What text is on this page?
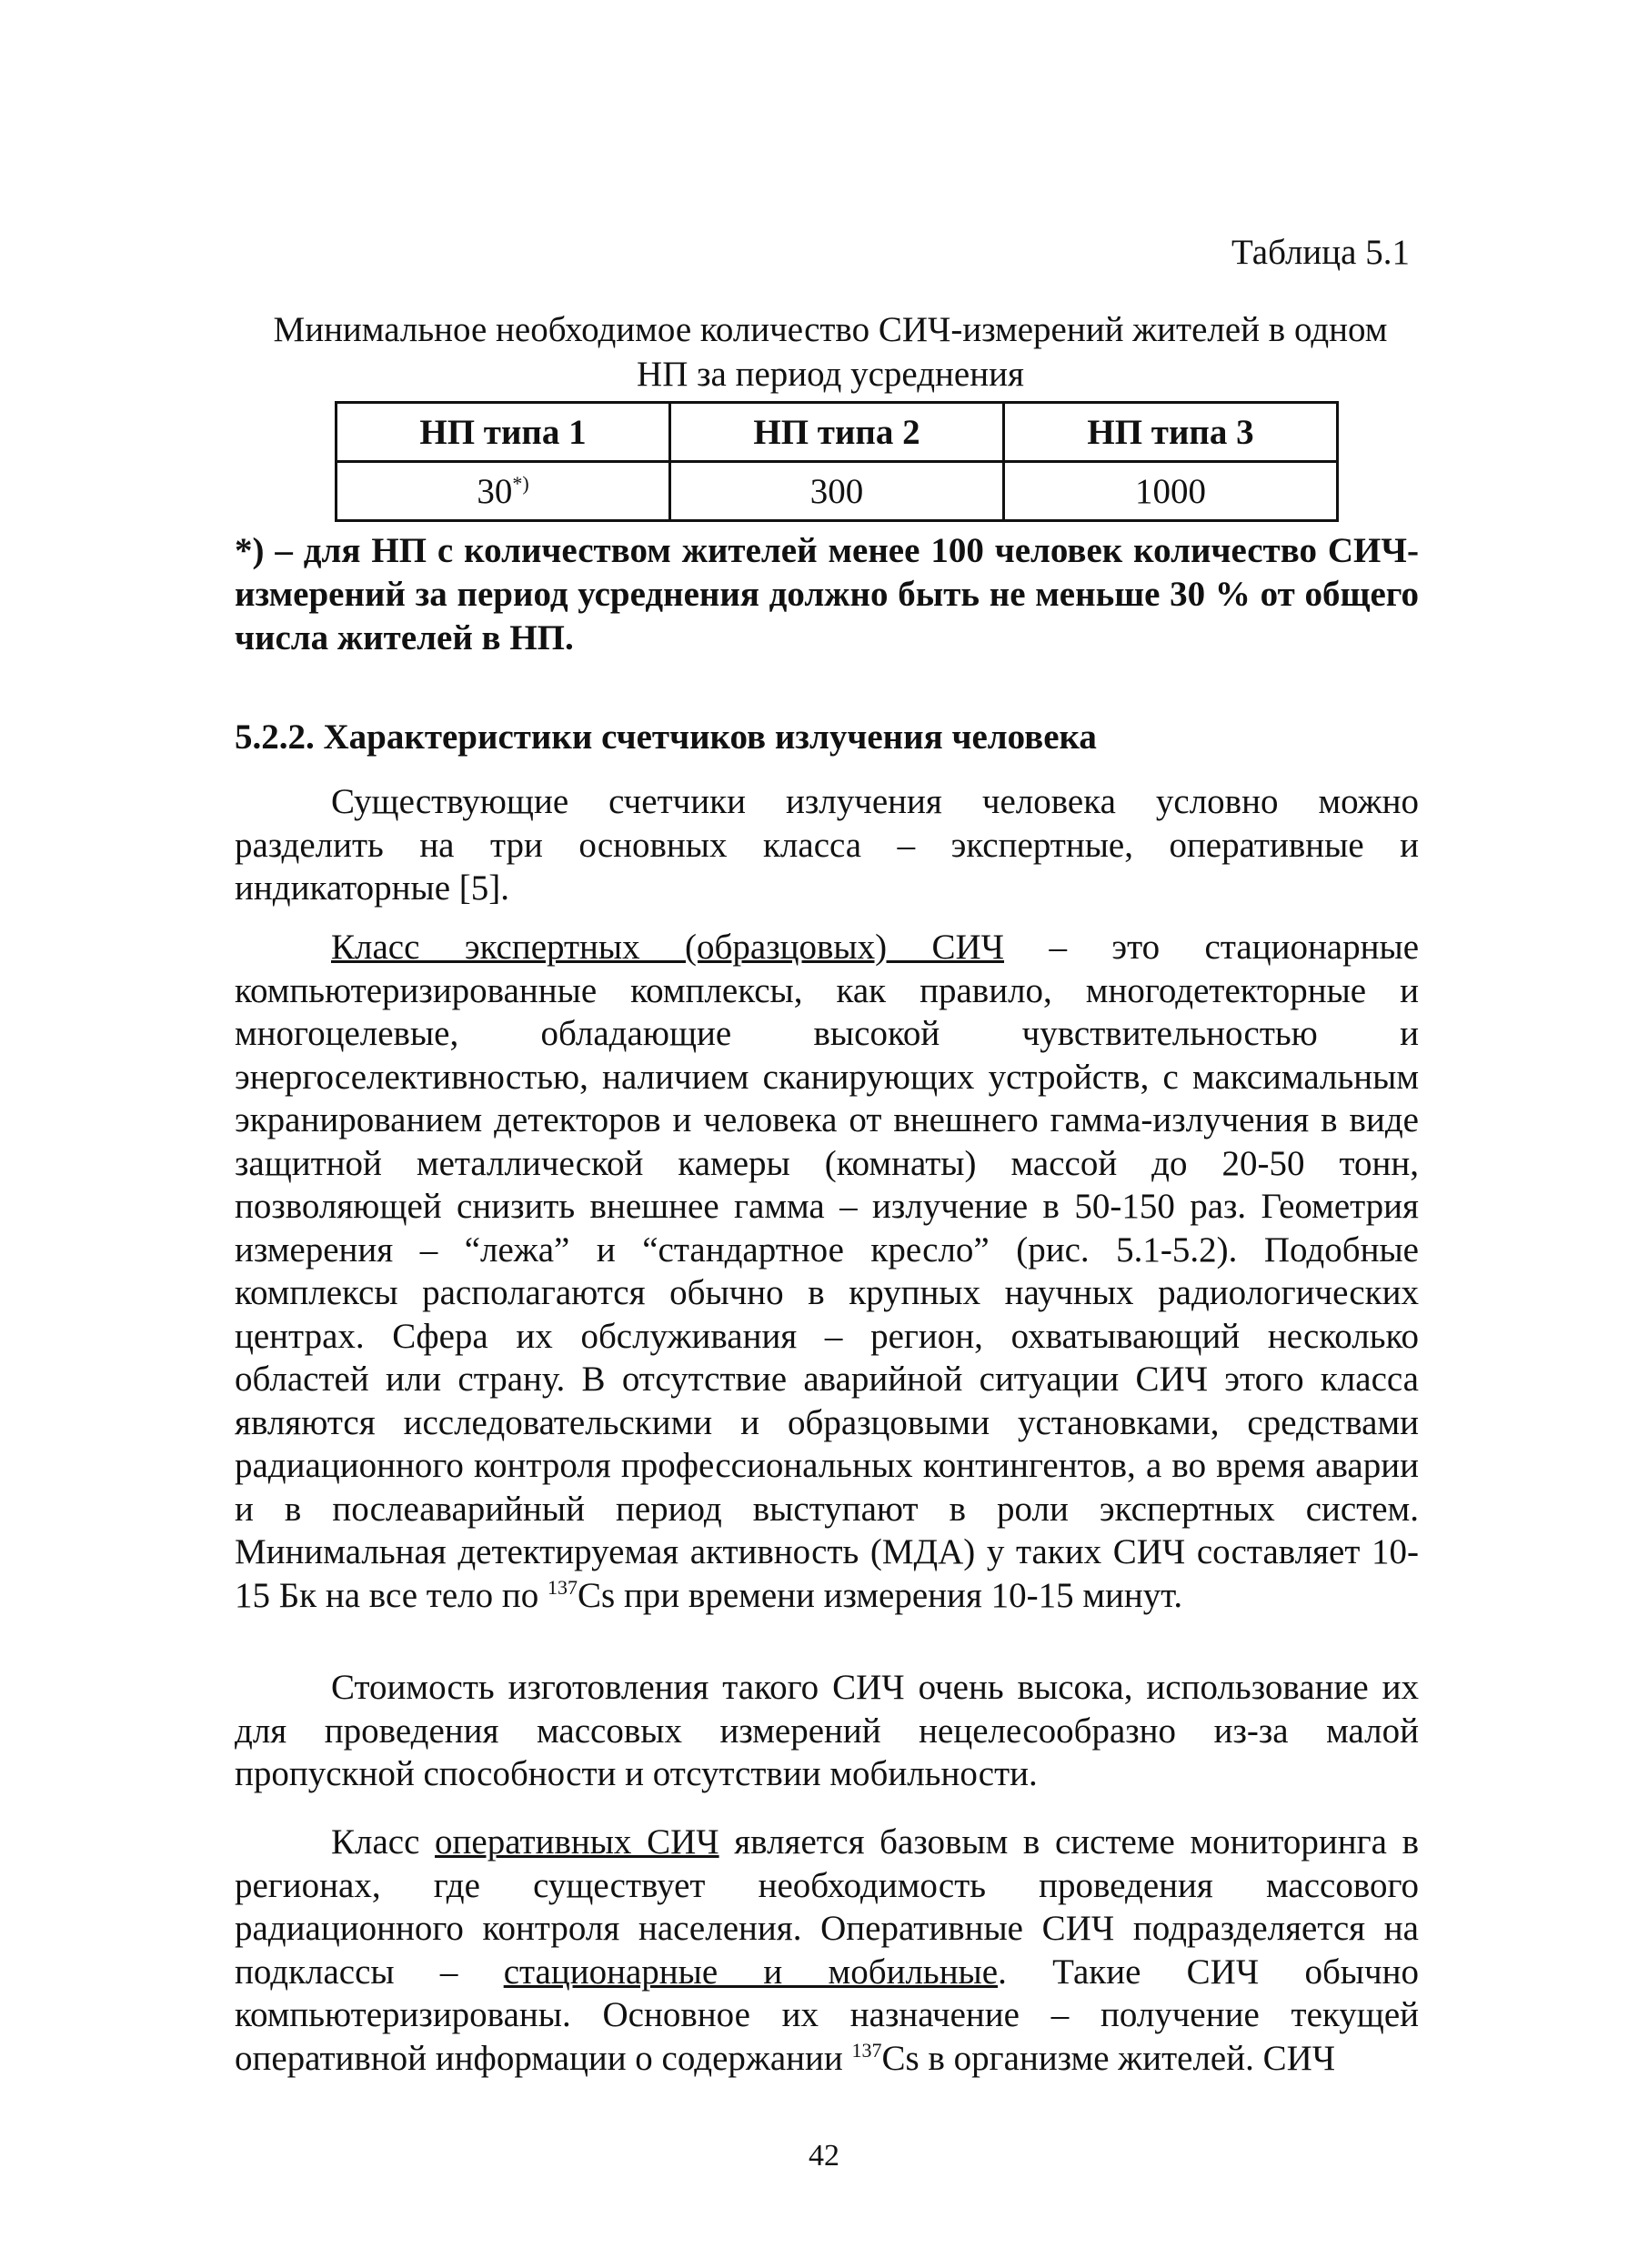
Таблица 5.1
Минимальное необходимое количество СИЧ-измерений жителей в одном НП за период усреднения
НП типа 1	НП типа 2	НП типа 3
30*)	300	1000
*) – для НП с количеством жителей менее 100 человек количество СИЧ-измерений за период усреднения должно быть не меньше 30 % от общего числа жителей в НП.
5.2.2. Характеристики счетчиков излучения человека
Существующие счетчики излучения человека условно можно разделить на три основных класса – экспертные, оперативные и индикаторные [5].
Класс экспертных (образцовых) СИЧ – это стационарные компьютеризированные комплексы, как правило, многодетекторные и многоцелевые, обладающие высокой чувствительностью и энергоселективностью, наличием сканирующих устройств, с максимальным экранированием детекторов и человека от внешнего гамма-излучения в виде защитной металлической камеры (комнаты) массой до 20-50 тонн, позволяющей снизить внешнее гамма – излучение в 50-150 раз. Геометрия измерения – “лежа” и “стандартное кресло” (рис. 5.1-5.2). Подобные комплексы располагаются обычно в крупных научных радиологических центрах. Сфера их обслуживания – регион, охватывающий несколько областей или страну. В отсутствие аварийной ситуации СИЧ этого класса являются исследовательскими и образцовыми установками, средствами радиационного контроля профессиональных контингентов, а во время аварии и в послеаварийный период выступают в роли экспертных систем. Минимальная детектируемая активность (МДА) у таких СИЧ составляет 10-15 Бк на все тело по $^{137}$Cs при времени измерения 10-15 минут.
Стоимость изготовления такого СИЧ очень высока, использование их для проведения массовых измерений нецелесообразно из-за малой пропускной способности и отсутствии мобильности.
Класс оперативных СИЧ является базовым в системе мониторинга в регионах, где существует необходимость проведения массового радиационного контроля населения. Оперативные СИЧ подразделяется на подклассы – стационарные и мобильные. Такие СИЧ обычно компьютеризированы. Основное их назначение – получение текущей оперативной информации о содержании $^{137}$Cs в организме жителей. СИЧ
42
